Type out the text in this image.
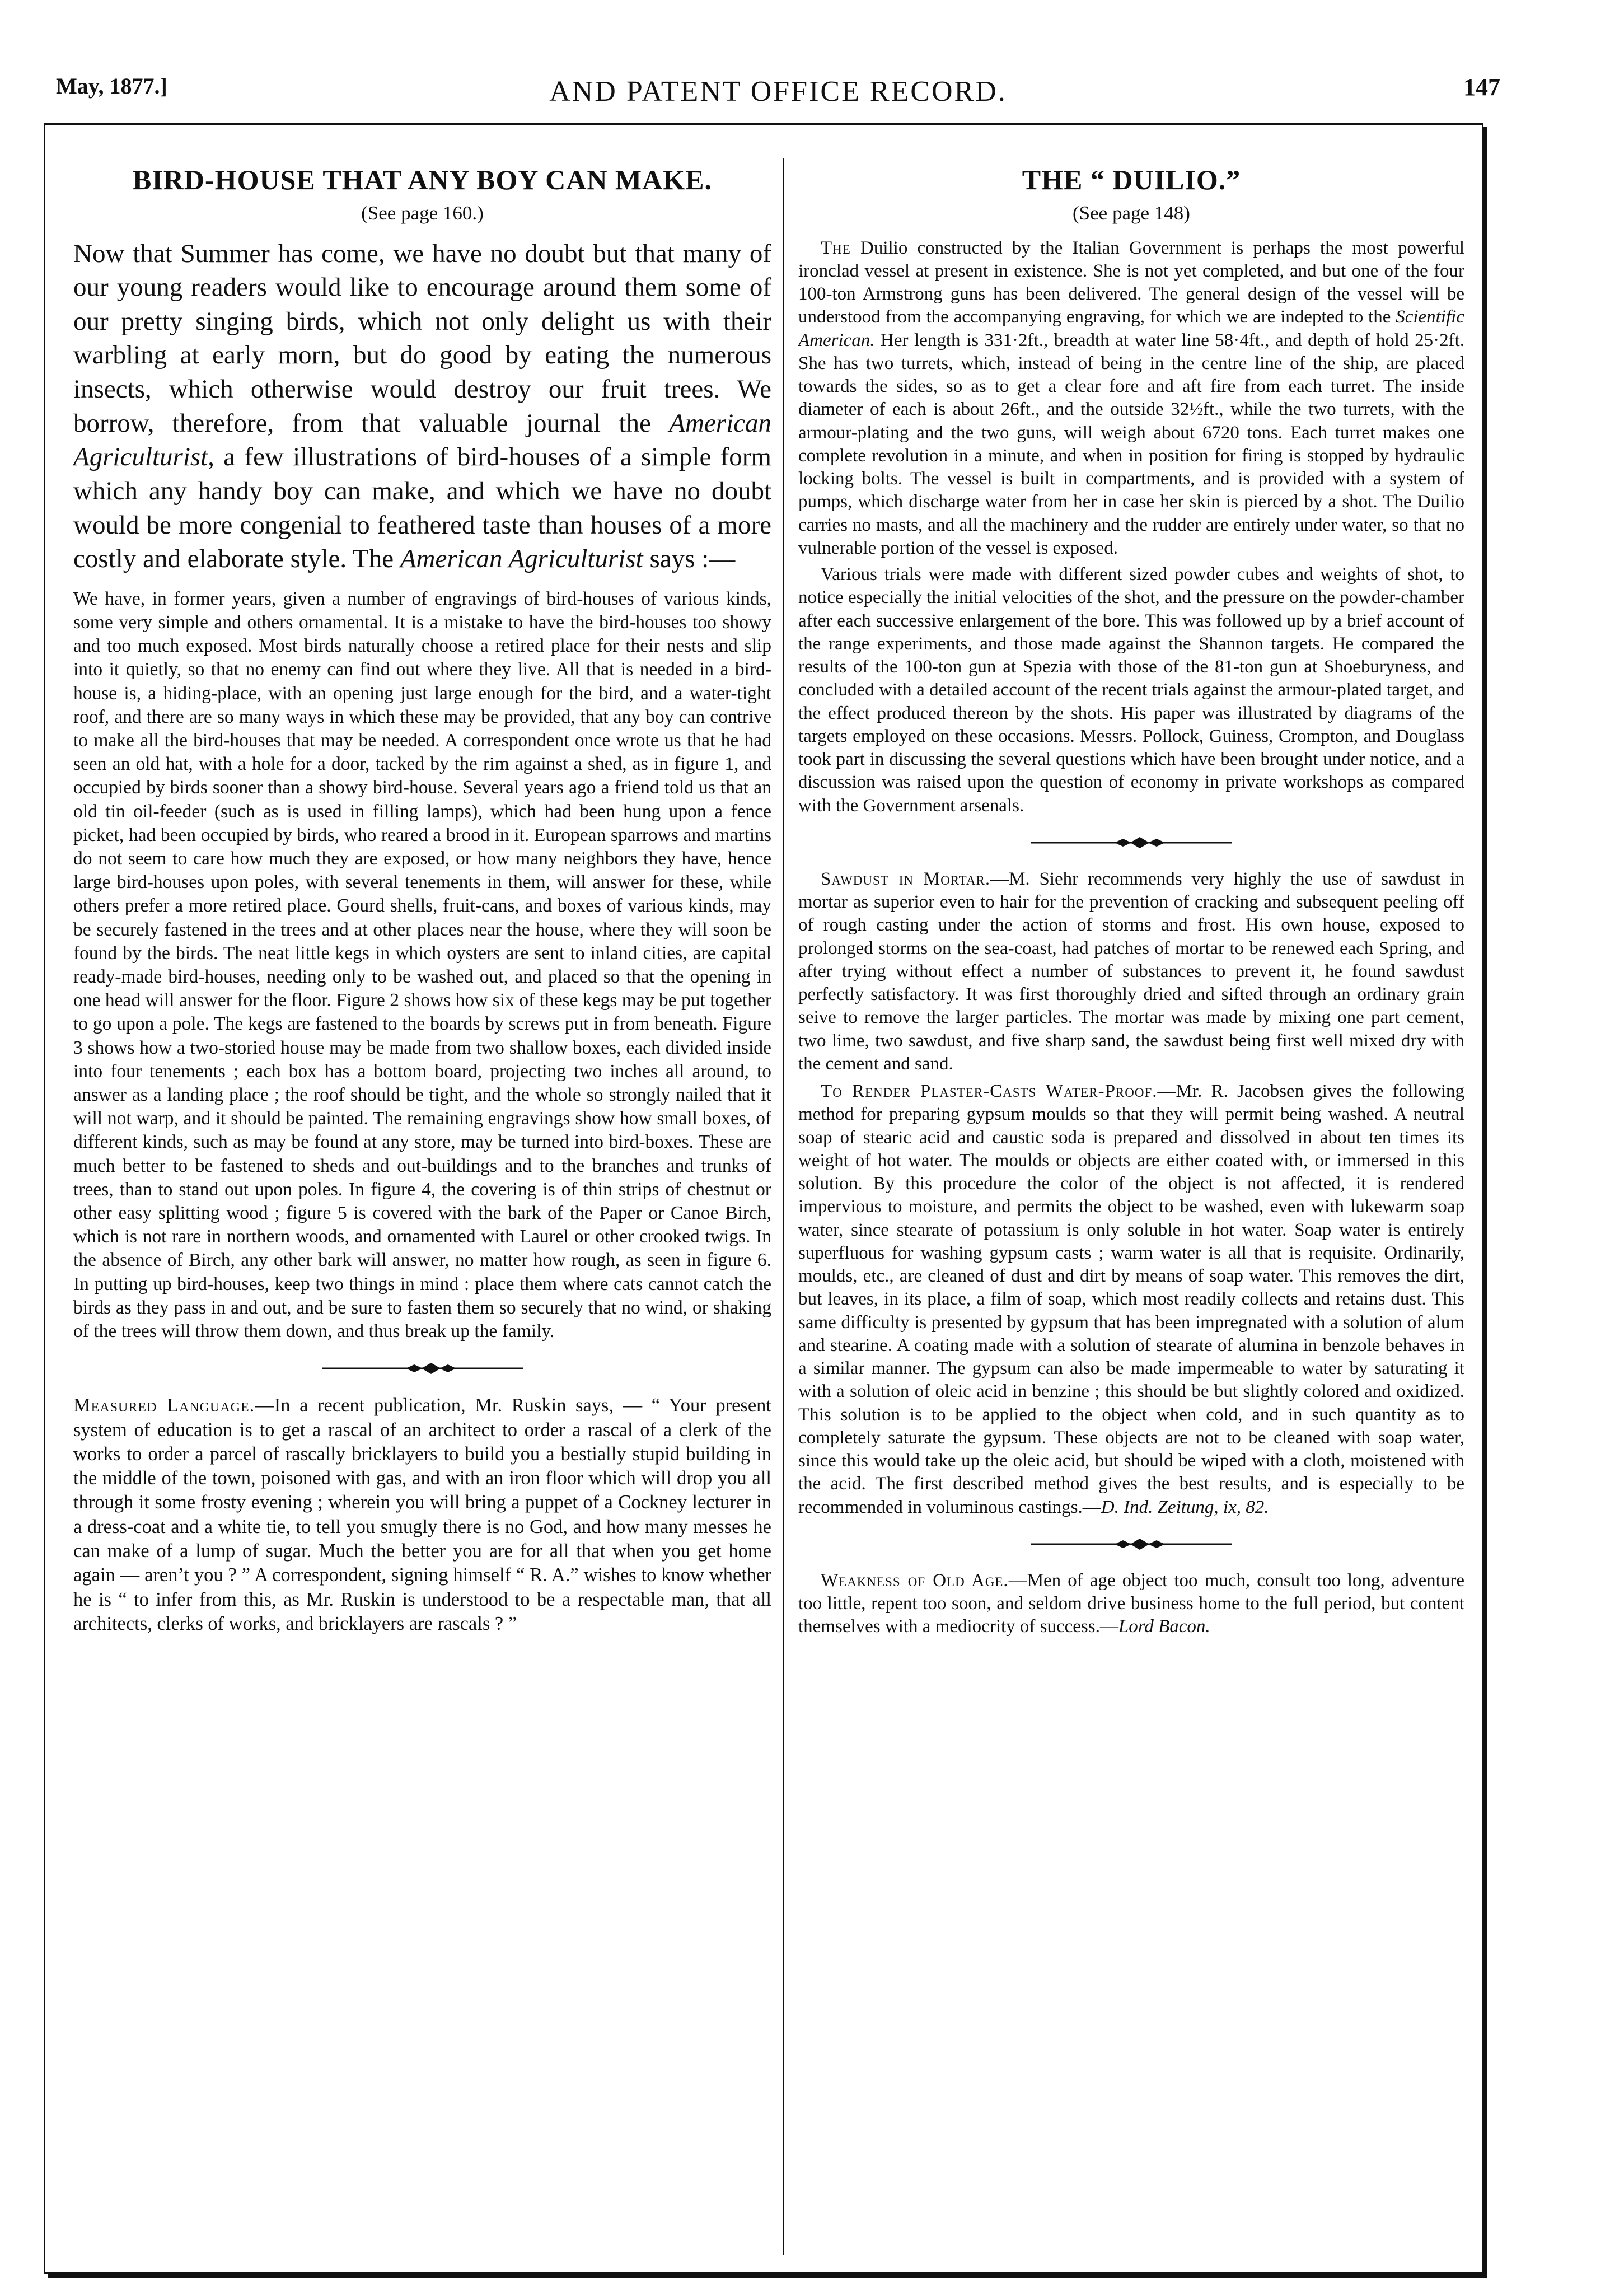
May, 1877.]	AND PATENT OFFICE RECORD.	147
BIRD-HOUSE THAT ANY BOY CAN MAKE.
(See page 160.)
Now that Summer has come, we have no doubt but that many of our young readers would like to encourage around them some of our pretty singing birds, which not only delight us with their warbling at early morn, but do good by eating the numerous insects, which otherwise would destroy our fruit trees. We borrow, therefore, from that valuable journal the American Agriculturist, a few illustrations of bird-houses of a simple form which any handy boy can make, and which we have no doubt would be more congenial to feathered taste than houses of a more costly and elaborate style. The American Agriculturist says :—

We have, in former years, given a number of engravings of bird-houses of various kinds, some very simple and others ornamental. It is a mistake to have the bird-houses too showy and too much exposed. Most birds naturally choose a retired place for their nests and slip into it quietly, so that no enemy can find out where they live. All that is needed in a bird-house is, a hiding-place, with an opening just large enough for the bird, and a water-tight roof, and there are so many ways in which these may be provided, that any boy can contrive to make all the bird-houses that may be needed. A correspondent once wrote us that he had seen an old hat, with a hole for a door, tacked by the rim against a shed, as in figure 1, and occupied by birds sooner than a showy bird-house. Several years ago a friend told us that an old tin oil-feeder (such as is used in filling lamps), which had been hung upon a fence picket, had been occupied by birds, who reared a brood in it. European sparrows and martins do not seem to care how much they are exposed, or how many neighbors they have, hence large bird-houses upon poles, with several tenements in them, will answer for these, while others prefer a more retired place. Gourd shells, fruit-cans, and boxes of various kinds, may be securely fastened in the trees and at other places near the house, where they will soon be found by the birds. The neat little kegs in which oysters are sent to inland cities, are capital ready-made bird-houses, needing only to be washed out, and placed so that the opening in one head will answer for the floor. Figure 2 shows how six of these kegs may be put together to go upon a pole. The kegs are fastened to the boards by screws put in from beneath. Figure 3 shows how a two-storied house may be made from two shallow boxes, each divided inside into four tenements ; each box has a bottom board, projecting two inches all around, to answer as a landing place ; the roof should be tight, and the whole so strongly nailed that it will not warp, and it should be painted. The remaining engravings show how small boxes, of different kinds, such as may be found at any store, may be turned into bird-boxes. These are much better to be fastened to sheds and out-buildings and to the branches and trunks of trees, than to stand out upon poles. In figure 4, the covering is of thin strips of chestnut or other easy splitting wood ; figure 5 is covered with the bark of the Paper or Canoe Birch, which is not rare in northern woods, and ornamented with Laurel or other crooked twigs. In the absence of Birch, any other bark will answer, no matter how rough, as seen in figure 6. In putting up bird-houses, keep two things in mind : place them where cats cannot catch the birds as they pass in and out, and be sure to fasten them so securely that no wind, or shaking of the trees will throw them down, and thus break up the family.

Measured Language.—In a recent publication, Mr. Ruskin says, — “ Your present system of education is to get a rascal of an architect to order a rascal of a clerk of the works to order a parcel of rascally bricklayers to build you a bestially stupid building in the middle of the town, poisoned with gas, and with an iron floor which will drop you all through it some frosty evening ; wherein you will bring a puppet of a Cockney lecturer in a dress-coat and a white tie, to tell you smugly there is no God, and how many messes he can make of a lump of sugar. Much the better you are for all that when you get home again — aren’t you ? ” A correspondent, signing himself “ R. A.” wishes to know whether he is “ to infer from this, as Mr. Ruskin is understood to be a respectable man, that all architects, clerks of works, and bricklayers are rascals ? ”

THE “ DUILIO.”
(See page 148)

The Duilio constructed by the Italian Government is perhaps the most powerful ironclad vessel at present in existence. She is not yet completed, and but one of the four 100-ton Armstrong guns has been delivered. The general design of the vessel will be understood from the accompanying engraving, for which we are indepted to the Scientific American. Her length is 331·2ft., breadth at water line 58·4ft., and depth of hold 25·2ft. She has two turrets, which, instead of being in the centre line of the ship, are placed towards the sides, so as to get a clear fore and aft fire from each turret. The inside diameter of each is about 26ft., and the outside 32½ft., while the two turrets, with the armour-plating and the two guns, will weigh about 6720 tons. Each turret makes one complete revolution in a minute, and when in position for firing is stopped by hydraulic locking bolts. The vessel is built in compartments, and is provided with a system of pumps, which discharge water from her in case her skin is pierced by a shot. The Duilio carries no masts, and all the machinery and the rudder are entirely under water, so that no vulnerable portion of the vessel is exposed.

Various trials were made with different sized powder cubes and weights of shot, to notice especially the initial velocities of the shot, and the pressure on the powder-chamber after each successive enlargement of the bore. This was followed up by a brief account of the range experiments, and those made against the Shannon targets. He compared the results of the 100-ton gun at Spezia with those of the 81-ton gun at Shoeburyness, and concluded with a detailed account of the recent trials against the armour-plated target, and the effect produced thereon by the shots. His paper was illustrated by diagrams of the targets employed on these occasions. Messrs. Pollock, Guiness, Crompton, and Douglass took part in discussing the several questions which have been brought under notice, and a discussion was raised upon the question of economy in private workshops as compared with the Government arsenals.

Sawdust in Mortar.—M. Siehr recommends very highly the use of sawdust in mortar as superior even to hair for the prevention of cracking and subsequent peeling off of rough casting under the action of storms and frost. His own house, exposed to prolonged storms on the sea-coast, had patches of mortar to be renewed each Spring, and after trying without effect a number of substances to prevent it, he found sawdust perfectly satisfactory. It was first thoroughly dried and sifted through an ordinary grain seive to remove the larger particles. The mortar was made by mixing one part cement, two lime, two sawdust, and five sharp sand, the sawdust being first well mixed dry with the cement and sand.

To Render Plaster-Casts Water-Proof.—Mr. R. Jacobsen gives the following method for preparing gypsum moulds so that they will permit being washed. A neutral soap of stearic acid and caustic soda is prepared and dissolved in about ten times its weight of hot water. The moulds or objects are either coated with, or immersed in this solution. By this procedure the color of the object is not affected, it is rendered impervious to moisture, and permits the object to be washed, even with lukewarm soap water, since stearate of potassium is only soluble in hot water. Soap water is entirely superfluous for washing gypsum casts ; warm water is all that is requisite. Ordinarily, moulds, etc., are cleaned of dust and dirt by means of soap water. This removes the dirt, but leaves, in its place, a film of soap, which most readily collects and retains dust. This same difficulty is presented by gypsum that has been impregnated with a solution of alum and stearine. A coating made with a solution of stearate of alumina in benzole behaves in a similar manner. The gypsum can also be made impermeable to water by saturating it with a solution of oleic acid in benzine ; this should be but slightly colored and oxidized. This solution is to be applied to the object when cold, and in such quantity as to completely saturate the gypsum. These objects are not to be cleaned with soap water, since this would take up the oleic acid, but should be wiped with a cloth, moistened with the acid. The first described method gives the best results, and is especially to be recommended in voluminous castings.—D. Ind. Zeitung, ix, 82.

Weakness of Old Age.—Men of age object too much, consult too long, adventure too little, repent too soon, and seldom drive business home to the full period, but content themselves with a mediocrity of success.—Lord Bacon.
